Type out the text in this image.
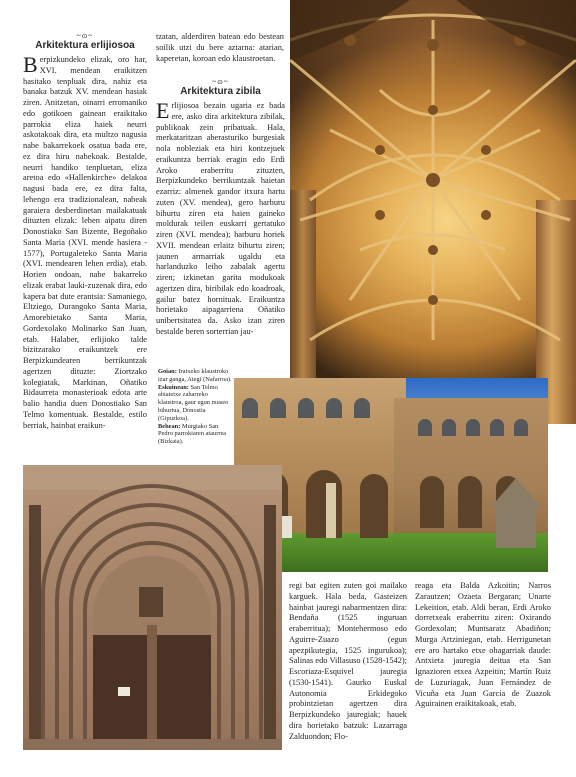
~ɷ~
Arkitektura erlijiosoa

Berpizkundeko elizak, oro har, XVI. mendean eraikitzen hasitako tenpluak dira, nahiz eta banaka batzuk XV. mendean hasiak ziren. Anitzetan, oinarri erromaniko edo gotikoen gainean eraikitako parrokia eliza haiek neurri askotakoak dira, eta multzo nagusia nabe bakarrekoek osatua bada ere, ez dira hiru nabekoak. Bestalde, neurri handiko tenpluetan, eliza aretoa edo «Hallenkirche» delakoa nagusi bada ere, ez dira falta, lehengo era tradizionalean, nabeak garaiera desberdinetan mailakatuak dituzten elizak: lehen aipatu diren Donostiako San Bizente, Begoñako Santa Maria (XVI. mende hasiera - 1577), Portugaleteko Santa Maria (XVI. mendearen lehen erdia), etab. Horien ondoan, nabe bakarreko elizak erabat lauki-zuzenak dira, edo kapera bat dute erantsia: Samaniego, Eltziego, Durangoko Santa Maria, Amorebietako Santa Maria, Gordexolako Molinarko San Juan, etab. Halaber, erlijioko talde bizitzarako eraikuntzek ere Berpizkundearen berrikuntzak agertzen dituzte: Ziortzako kolegiatak, Markinan, Oñatiko Bidaurreta monasterioak edota arte balio handia duen Donostiako San Telmo komentuak. Bestalde, estilo berriak, hainbat eraikun-

tzatan, alderdiren batean edo bestean soilik utzi du bere aztarna: atarian, kaperetan, koroan edo klaustroetan.

~ɷ~
Arkitektura zibila

Erlijiosoa bezain ugaria ez bada ere, asko dira arkitektura zibilak, publikoak zein pribatuak. Hala, merkataritzan aberasturiko burgesiak nola nobleziak eta hiri kontzejuek eraikuntza berriak eragin edo Erdi Aroko eraberritu zituzten, Berpizkundeko berrikuntzak haietan ezarriz: almenek gandor itxura hartu zuten (XV. mendea), gero harburu bihurtu ziren eta haien gaineko moldurak teilen euskarri gertatuko ziren (XVI. mendea); harburu horiek XVII. mendean erlaitz bihurtu ziren; jaunen armarriak ugaldu eta harlanduzko leiho zabalak agertu ziren; izkinetan garita modukoak agertzen dira, biribilak edo koadroak, gailur batez hornituak. Eraikuntza horietako aipagarriena Oñatiko unibertsitatea da. Asko izan ziren bestalde beren sorterrian jau-

Goian: Iratxeko klaustroko izar ganga, Aiegi (Nafarroa).
Eskuinean: San Telmo abiatetxe zaharreko klaustroa, gaur egun museo bihurtua, Donostia (Gipuzkoa).
Behean: Murgiako San Pedro parrokiaren ataurrea (Bizkaia).

regi bat egiten zuten goi mailako karguek. Hala beda, Gasteizen hainbat jauregi nabarmentzen dira: Bendaña (1525 inguruan eraberritua); Montehermoso edo Aguirre-Zuazo (egun apezpikutegia, 1525 ingurukoa); Salinas edo Villasuso (1528-1542); Escoriaza-Esquivel jauregia (1530-1541). Gaurko Euskal Autonomia Erkidegoko probintzietan agertzen dira Berpizkundeko jauregiak; hauek dira horietako batzuk: Lazarraga Zalduondon; Flo-

reaga eta Balda Azkoitin; Narros Zarautzen; Ozaeta Bergaran; Unarte Lekeition, etab. Aldi beran, Erdi Aroko dorretxeak eraberritu ziren: Oxirando Gordexolan; Muntsaratz Abadiñon; Murga Artziniegan, etab. Herrigunetan ere aro hartako etxe ohagarriak daude: Antxieta jauregia deitua eta San Ignazioren etxea Azpeitin; Martín Ruiz de Luzuriagak, Juan Fernández de Vicuña eta Juan García de Zuazok Aguirainen eraikitakoak, etab.
